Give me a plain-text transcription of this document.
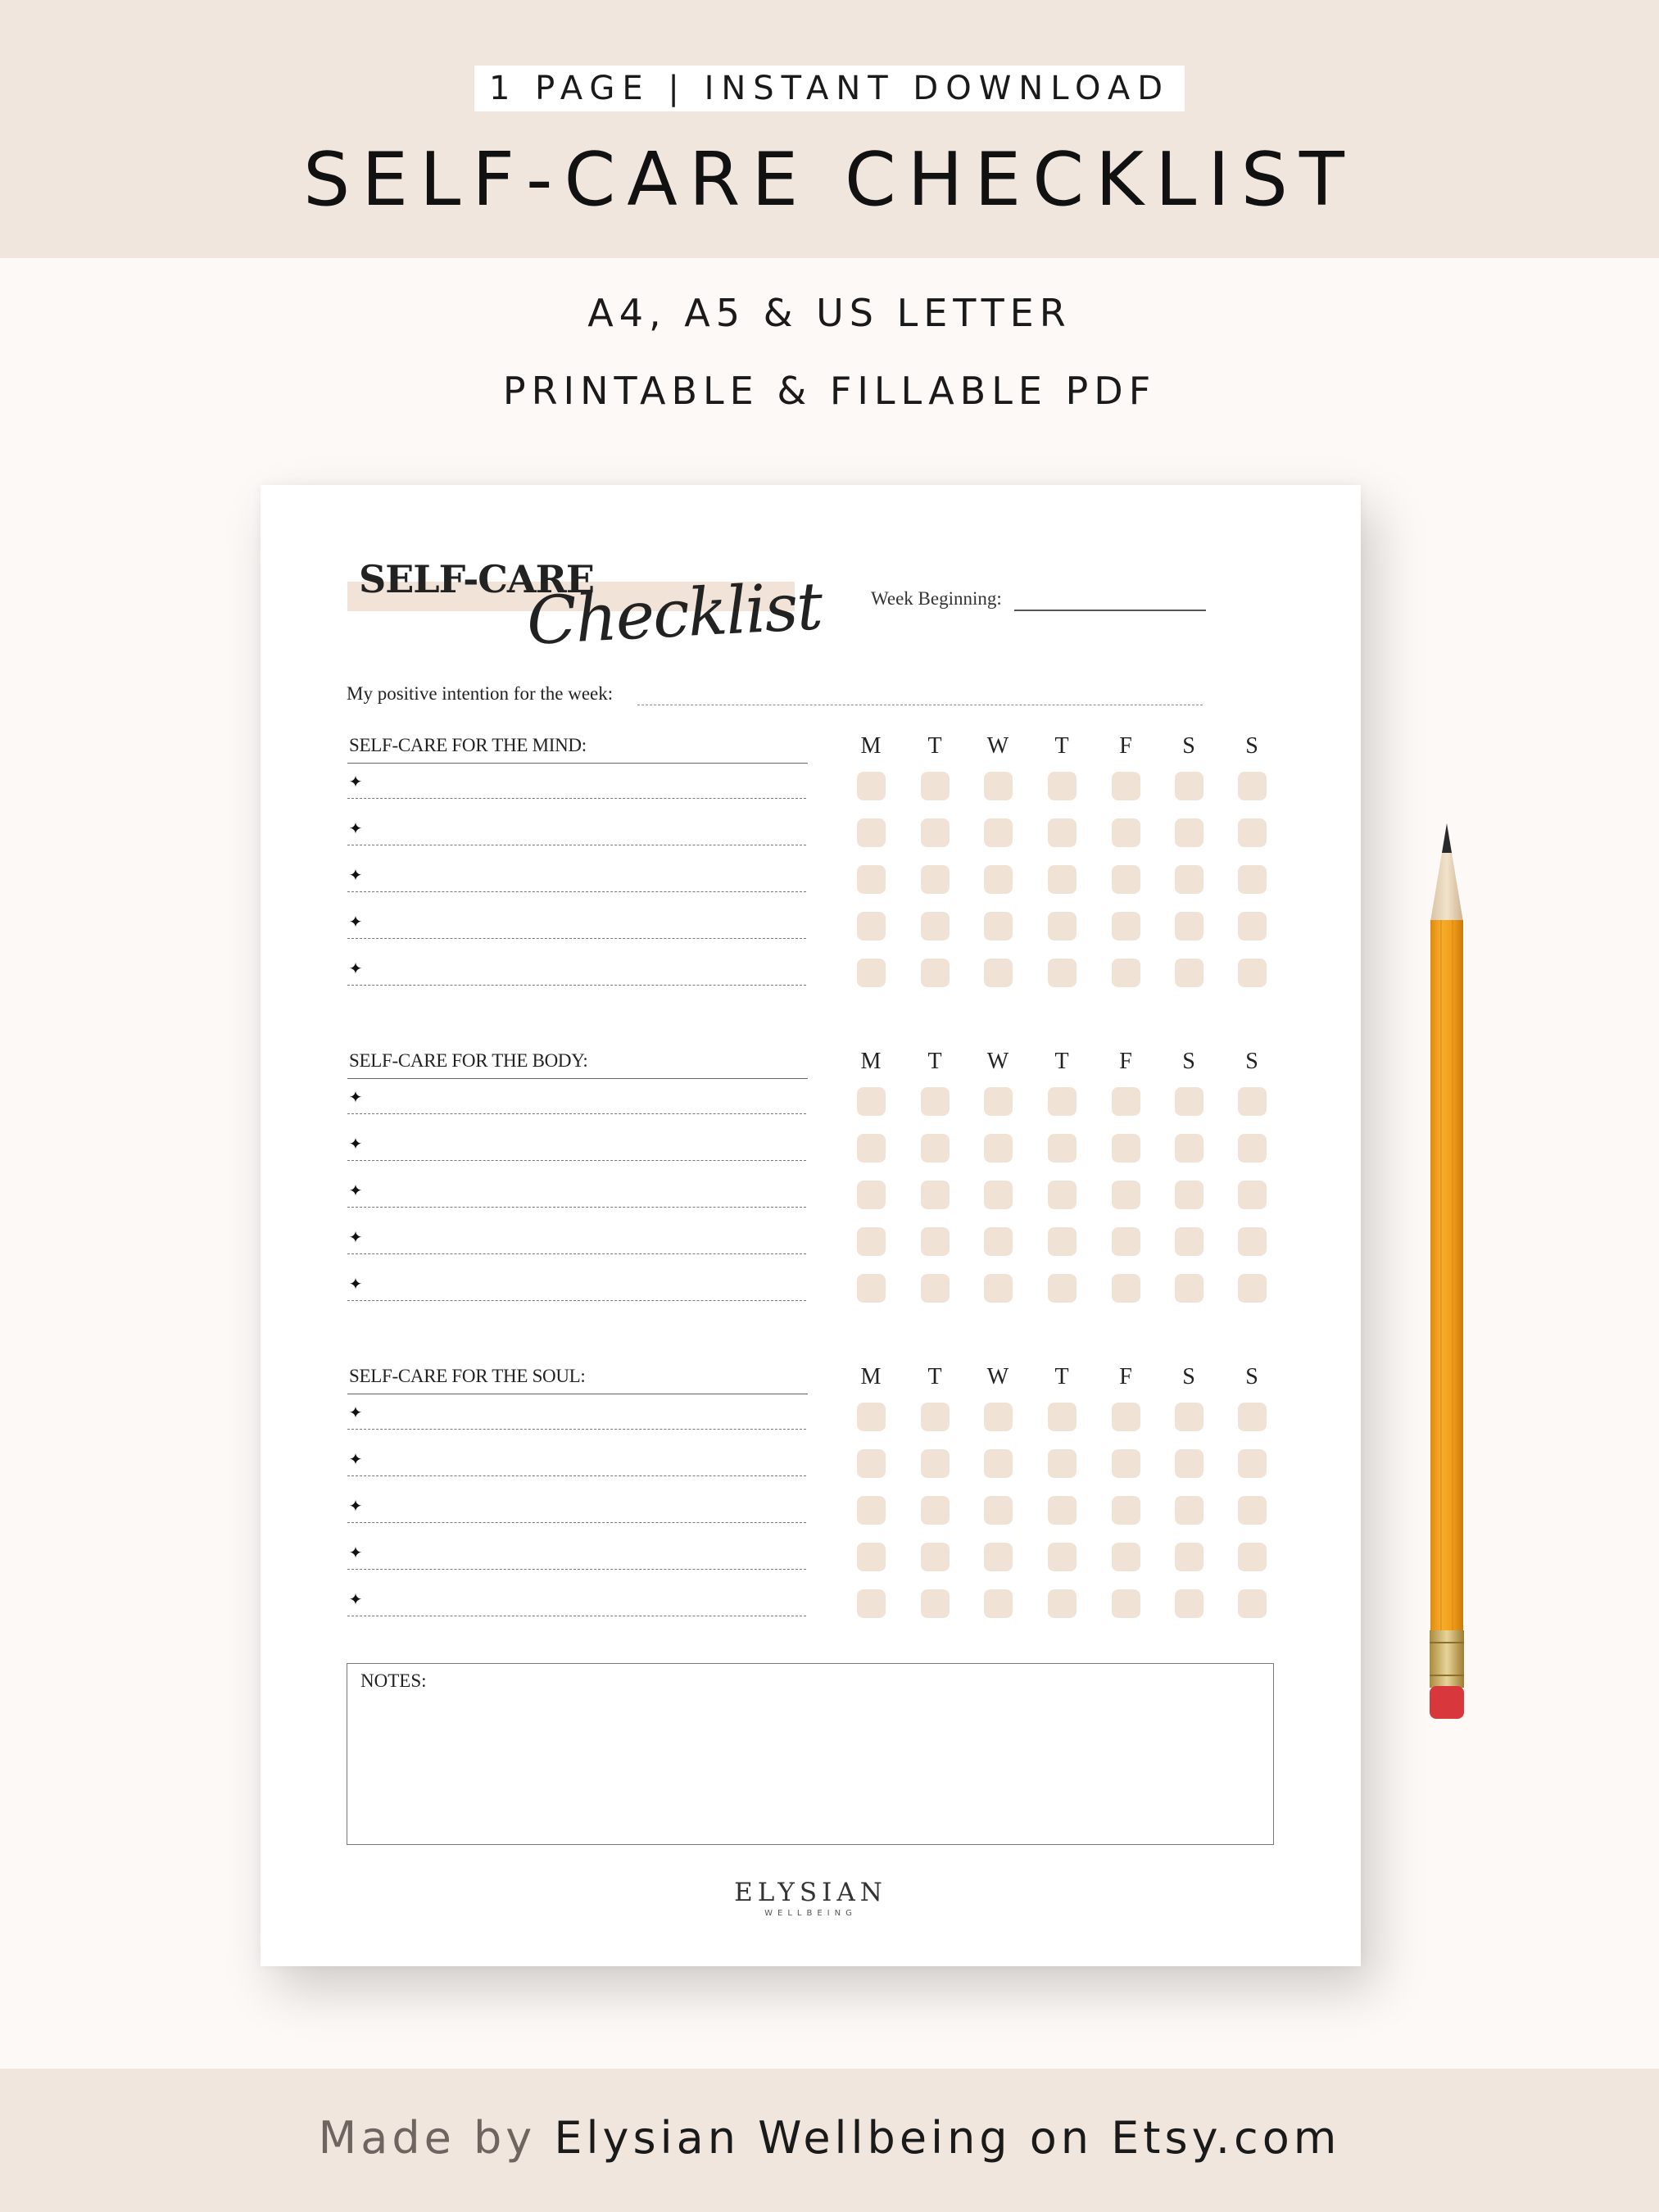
1 PAGE | INSTANT DOWNLOAD
SELF-CARE CHECKLIST
A4, A5 & US LETTER
PRINTABLE & FILLABLE PDF
SELF-CARE
Checklist	Week Beginning:
My positive intention for the week:
SELF-CARE FOR THE MIND:	M	T	W	T	F	S	S
✦
✦
✦
✦
✦
SELF-CARE FOR THE BODY:	M	T	W	T	F	S	S
✦
✦
✦
✦
✦
SELF-CARE FOR THE SOUL:	M	T	W	T	F	S	S
✦
✦
✦
✦
✦
NOTES:
ELYSIAN
WELLBEING
Made by Elysian Wellbeing on Etsy.com
